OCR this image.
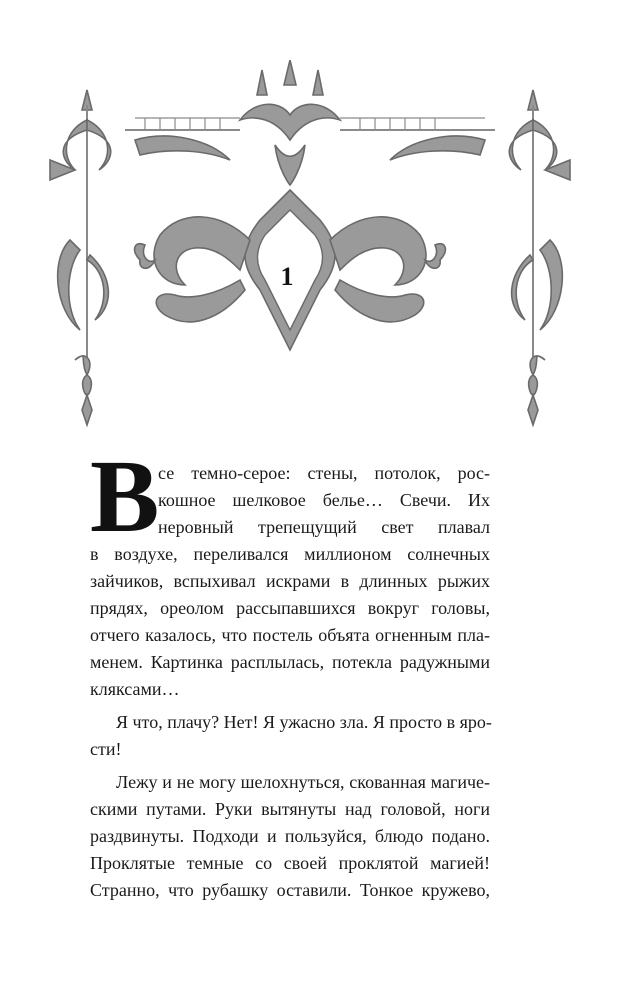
1
В
се темно-серое: стены, потолок, рос-
кошное шелковое белье… Свечи. Их
неровный трепещущий свет плавал
в воздухе, переливался миллионом солнечных
зайчиков, вспыхивал искрами в длинных рыжих
прядях, ореолом рассыпавшихся вокруг головы,
отчего казалось, что постель объята огненным пла-
менем. Картинка расплылась, потекла радужными
кляксами…
Я что, плачу? Нет! Я ужасно зла. Я просто в яро-
сти!
Лежу и не могу шелохнуться, скованная магиче-
скими путами. Руки вытянуты над головой, ноги
раздвинуты. Подходи и пользуйся, блюдо подано.
Проклятые темные со своей проклятой магией!
Странно, что рубашку оставили. Тонкое кружево,
